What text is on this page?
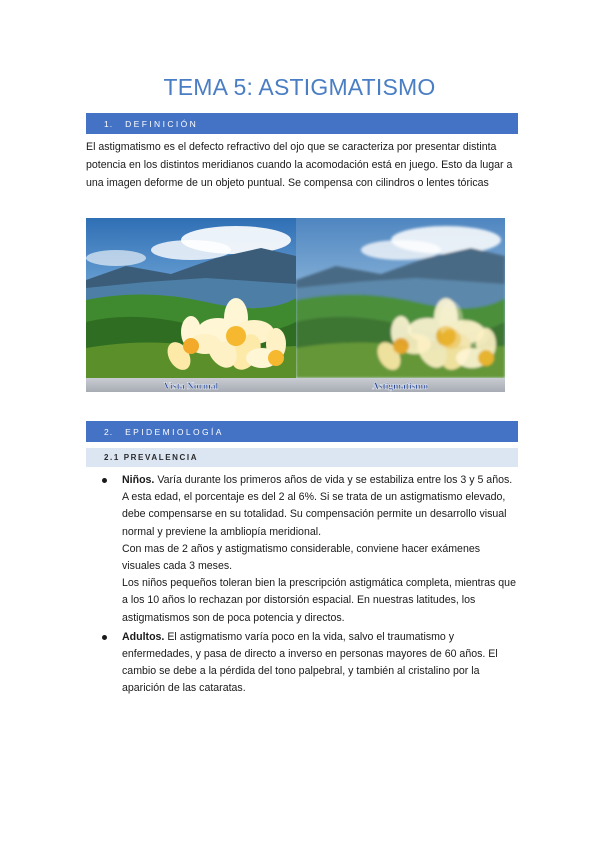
TEMA 5: ASTIGMATISMO
1. DEFINICIÓN

El astigmatismo es el defecto refractivo del ojo que se caracteriza por presentar distinta potencia en los distintos meridianos cuando la acomodación está en juego. Esto da lugar a una imagen deforme de un objeto puntual. Se compensa con cilindros o lentes tóricas

Vista Normal	Astigmatismo
2. EPIDEMIOLOGÍA
2.1 PREVALENCIA
Niños. Varía durante los primeros años de vida y se estabiliza entre los 3 y 5 años. A esta edad, el porcentaje es del 2 al 6%. Si se trata de un astigmatismo elevado, debe compensarse en su totalidad. Su compensación permite un desarrollo visual normal y previene la ambliopía meridional.
Con mas de 2 años y astigmatismo considerable, conviene hacer exámenes visuales cada 3 meses.
Los niños pequeños toleran bien la prescripción astigmática completa, mientras que a los 10 años lo rechazan por distorsión espacial. En nuestras latitudes, los astigmatismos son de poca potencia y directos.
Adultos. El astigmatismo varía poco en la vida, salvo el traumatismo y enfermedades, y pasa de directo a inverso en personas mayores de 60 años. El cambio se debe a la pérdida del tono palpebral, y también al cristalino por la aparición de las cataratas.
